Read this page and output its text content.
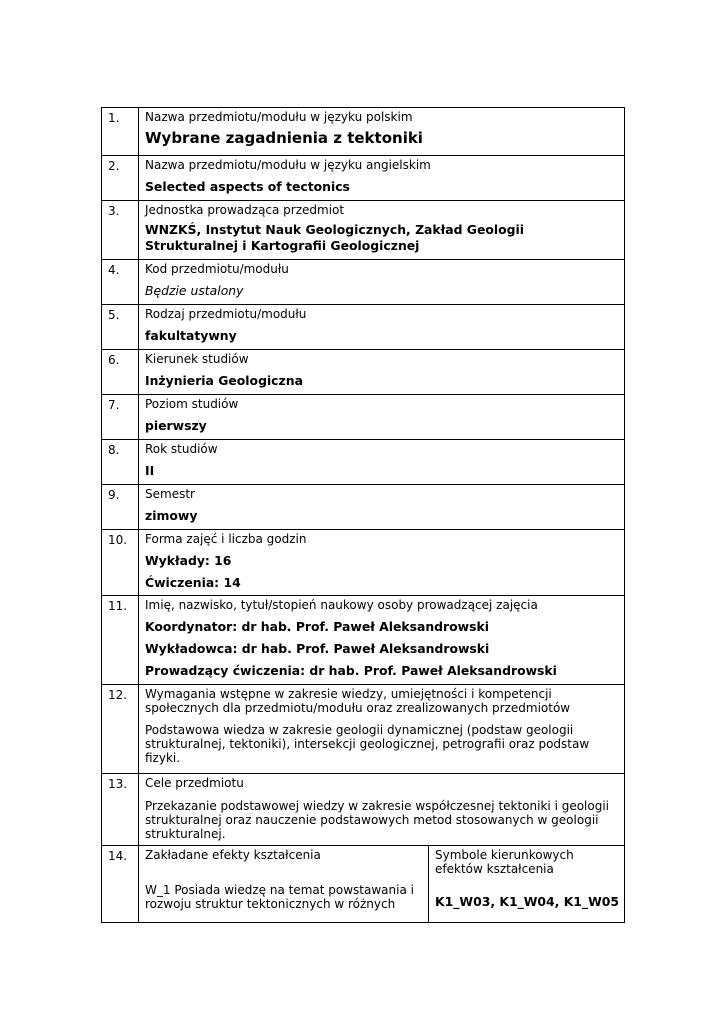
1.	Nazwa przedmiotu/modułu w języku polskim
Wybrane zagadnienia z tektoniki	

2.	Nazwa przedmiotu/modułu w języku angielskim
Selected aspects of tectonics	

3.	Jednostka prowadząca przedmiot
WNZKŚ, Instytut Nauk Geologicznych, Zakład Geologii Strukturalnej i Kartografii Geologicznej	

4.	Kod przedmiotu/modułu
Będzie ustalony	

5.	Rodzaj przedmiotu/modułu
fakultatywny	

6.	Kierunek studiów
Inżynieria Geologiczna	

7.	Poziom studiów
pierwszy	

8.	Rok studiów
II	

9.	Semestr
zimowy	

10.	Forma zajęć i liczba godzin
Wykłady: 16
Ćwiczenia: 14	

11.	Imię, nazwisko, tytuł/stopień naukowy osoby prowadzącej zajęcia
Koordynator: dr hab. Prof. Paweł Aleksandrowski
Wykładowca: dr hab. Prof. Paweł Aleksandrowski
Prowadzący ćwiczenia: dr hab. Prof. Paweł Aleksandrowski	

12.	Wymagania wstępne w zakresie wiedzy, umiejętności i kompetencji społecznych dla przedmiotu/modułu oraz zrealizowanych przedmiotów
Podstawowa wiedza w zakresie geologii dynamicznej (podstaw geologii strukturalnej, tektoniki), intersekcji geologicznej, petrografii oraz podstaw fizyki.	

13.	Cele przedmiotu
Przekazanie podstawowej wiedzy w zakresie współczesnej tektoniki i geologii strukturalnej oraz nauczenie podstawowych metod stosowanych w geologii strukturalnej.	

14.	Zakładane efekty kształcenia
W_1 Posiada wiedzę na temat powstawania i rozwoju struktur tektonicznych w różnych	Symbole kierunkowych efektów kształcenia
K1_W03, K1_W04, K1_W05
